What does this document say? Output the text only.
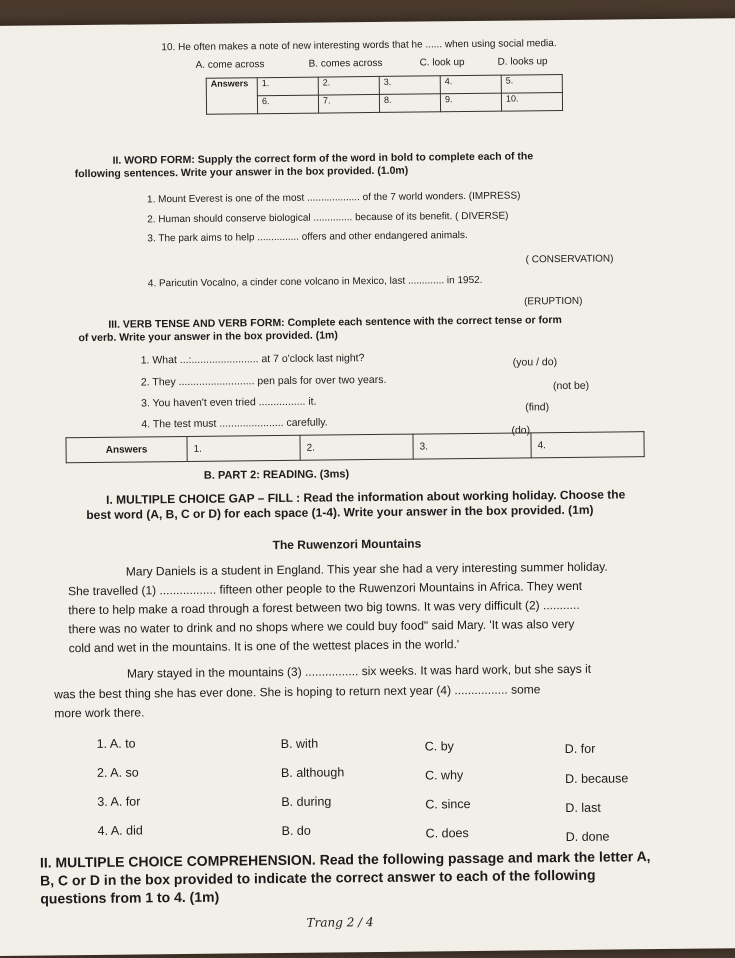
10. He often makes a note of new interesting words that he ...... when using social media.
A. come across	B. comes across	C. look up	D. looks up
Answers	1.	2.	3.	4.	5.
	6.	7.	8.	9.	10.
II. WORD FORM: Supply the correct form of the word in bold to complete each of the
following sentences. Write your answer in the box provided. (1.0m)
1. Mount Everest is one of the most ................... of the 7 world wonders. (IMPRESS)
2. Human should conserve biological .............. because of its benefit. ( DIVERSE)
3. The park aims to help ............... offers and other endangered animals.
( CONSERVATION)
4. Paricutin Vocalno, a cinder cone volcano in Mexico, last ............. in 1952.
(ERUPTION)
III. VERB TENSE AND VERB FORM: Complete each sentence with the correct tense or form
of verb. Write your answer in the box provided. (1m)
1. What ...:....................... at 7 o'clock last night?	(you / do)
2. They .......................... pen pals for over two years.	(not be)
3. You haven't even tried ................ it.	(find)
4. The test must ...................... carefully.
(do)
Answers	1.	2.	3.	4.
B. PART 2: READING. (3ms)
I. MULTIPLE CHOICE GAP – FILL : Read the information about working holiday. Choose the
best word (A, B, C or D) for each space (1-4). Write your answer in the box provided. (1m)
The Ruwenzori Mountains
Mary Daniels is a student in England. This year she had a very interesting summer holiday.
She travelled (1) ................. fifteen other people to the Ruwenzori Mountains in Africa. They went
there to help make a road through a forest between two big towns. It was very difficult (2) ...........
there was no water to drink and no shops where we could buy food" said Mary. 'It was also very
cold and wet in the mountains. It is one of the wettest places in the world.'
Mary stayed in the mountains (3) ................ six weeks. It was hard work, but she says it
was the best thing she has ever done. She is hoping to return next year (4) ................ some
more work there.
1. A. to	B. with	C. by	D. for
2. A. so	B. although	C. why	D. because
3. A. for	B. during	C. since	D. last
4. A. did	B. do	C. does	D. done
II. MULTIPLE CHOICE COMPREHENSION. Read the following passage and mark the letter A,
B, C or D in the box provided to indicate the correct answer to each of the following
questions from 1 to 4. (1m)
Trang 2 / 4
